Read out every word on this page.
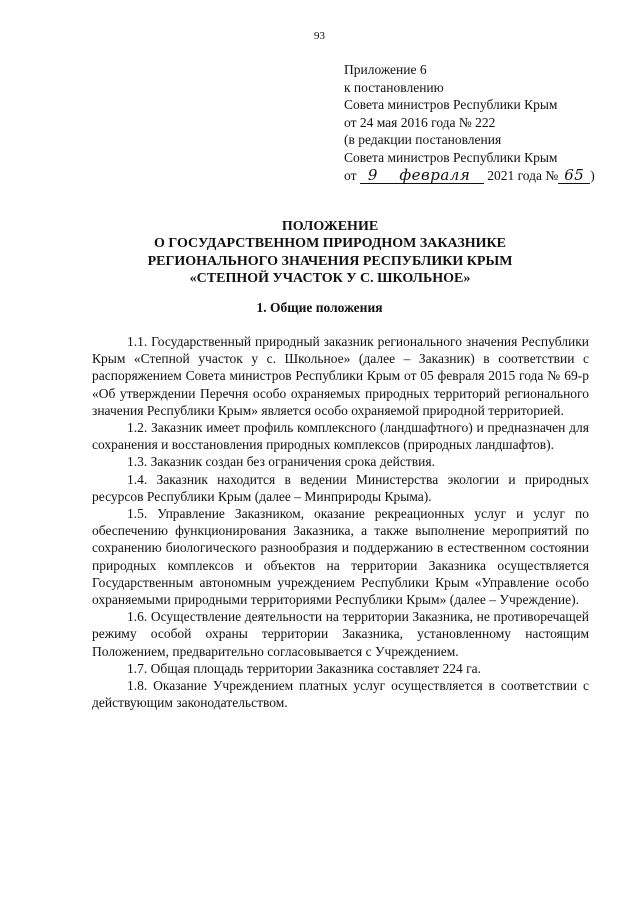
93
Приложение 6
к постановлению
Совета министров Республики Крым
от 24 мая 2016 года № 222
(в редакции постановления
Совета министров Республики Крым
от 9 февраля 2021 года № 65 )
ПОЛОЖЕНИЕ
О ГОСУДАРСТВЕННОМ ПРИРОДНОМ ЗАКАЗНИКЕ
РЕГИОНАЛЬНОГО ЗНАЧЕНИЯ РЕСПУБЛИКИ КРЫМ
«СТЕПНОЙ УЧАСТОК У С. ШКОЛЬНОЕ»
1. Общие положения

1.1. Государственный природный заказник регионального значения Республики Крым «Степной участок у с. Школьное» (далее – Заказник) в соответствии с распоряжением Совета министров Республики Крым от 05 февраля 2015 года № 69-р «Об утверждении Перечня особо охраняемых природных территорий регионального значения Республики Крым» является особо охраняемой природной территорией.

1.2. Заказник имеет профиль комплексного (ландшафтного) и предназначен для сохранения и восстановления природных комплексов (природных ландшафтов).

1.3. Заказник создан без ограничения срока действия.

1.4. Заказник находится в ведении Министерства экологии и природных ресурсов Республики Крым (далее – Минприроды Крыма).

1.5. Управление Заказником, оказание рекреационных услуг и услуг по обеспечению функционирования Заказника, а также выполнение мероприятий по сохранению биологического разнообразия и поддержанию в естественном состоянии природных комплексов и объектов на территории Заказника осуществляется Государственным автономным учреждением Республики Крым «Управление особо охраняемыми природными территориями Республики Крым» (далее – Учреждение).

1.6. Осуществление деятельности на территории Заказника, не противоречащей режиму особой охраны территории Заказника, установленному настоящим Положением, предварительно согласовывается с Учреждением.

1.7. Общая площадь территории Заказника составляет 224 га.

1.8. Оказание Учреждением платных услуг осуществляется в соответствии с действующим законодательством.
